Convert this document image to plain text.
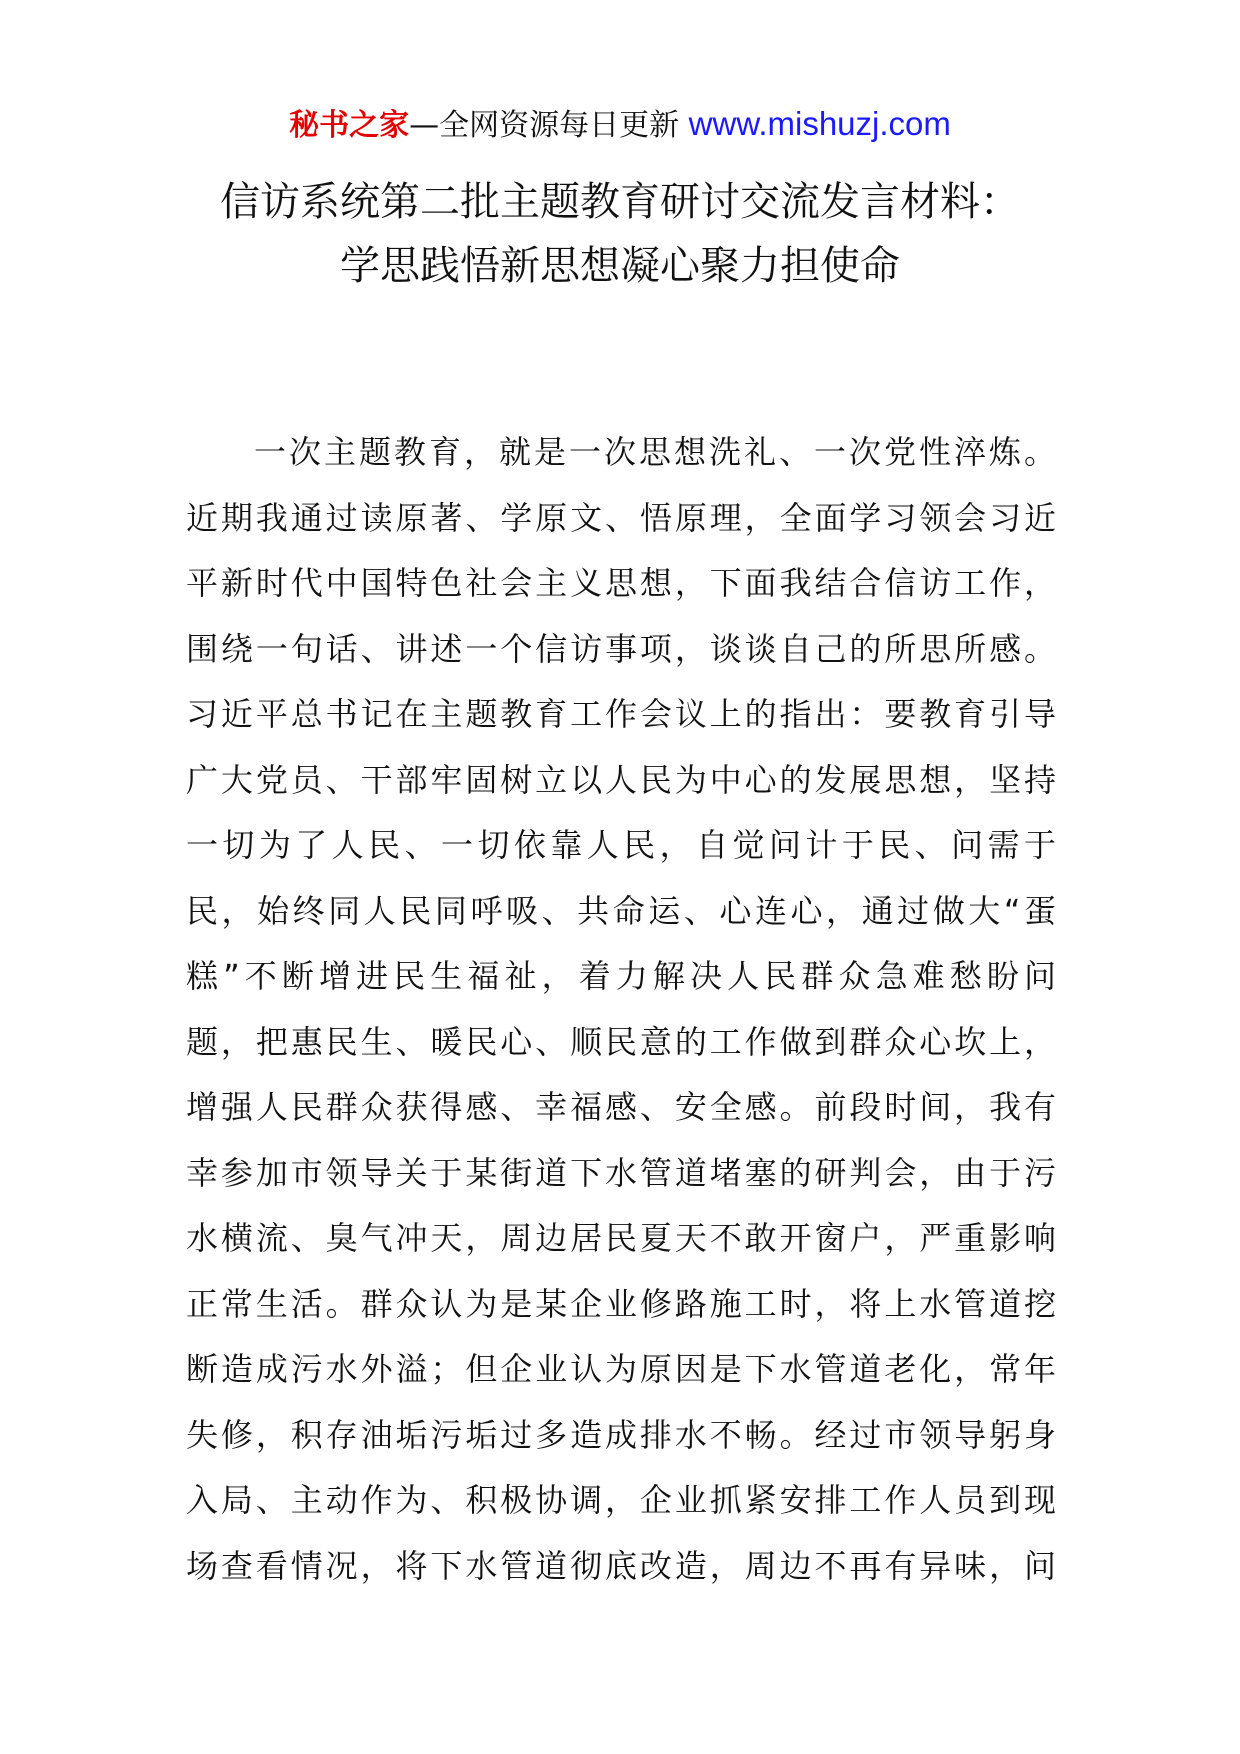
秘书之家—全网资源每日更新 www.mishuzj.com
信访系统第二批主题教育研讨交流发言材料：
学思践悟新思想凝心聚力担使命
一次主题教育，就是一次思想洗礼、一次党性淬炼。
近期我通过读原著、学原文、悟原理，全面学习领会习近
平新时代中国特色社会主义思想，下面我结合信访工作，
围绕一句话、讲述一个信访事项，谈谈自己的所思所感。
习近平总书记在主题教育工作会议上的指出：要教育引导
广大党员、干部牢固树立以人民为中心的发展思想，坚持
一切为了人民、一切依靠人民，自觉问计于民、问需于
民，始终同人民同呼吸、共命运、心连心，通过做大“蛋
糕”不断增进民生福祉，着力解决人民群众急难愁盼问
题，把惠民生、暖民心、顺民意的工作做到群众心坎上，
增强人民群众获得感、幸福感、安全感。前段时间，我有
幸参加市领导关于某街道下水管道堵塞的研判会，由于污
水横流、臭气冲天，周边居民夏天不敢开窗户，严重影响
正常生活。群众认为是某企业修路施工时，将上水管道挖
断造成污水外溢；但企业认为原因是下水管道老化，常年
失修，积存油垢污垢过多造成排水不畅。经过市领导躬身
入局、主动作为、积极协调，企业抓紧安排工作人员到现
场查看情况，将下水管道彻底改造，周边不再有异味，问
